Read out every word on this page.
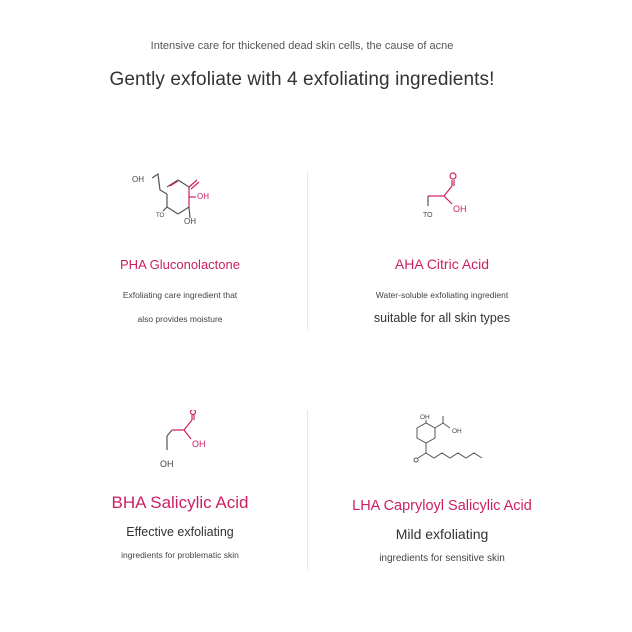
Intensive care for thickened dead skin cells, the cause of acne
Gently exfoliate with 4 exfoliating ingredients!
OH
OH
OH
TO
PHA Gluconolactone
Exfoliating care ingredient that
also provides moisture
OH
TO
AHA Citric Acid
Water-soluble exfoliating ingredient
suitable for all skin types
OH
OH
BHA Salicylic Acid
Effective exfoliating
ingredients for problematic skin
OH
OH
LHA Capryloyl Salicylic Acid
Mild exfoliating
ingredients for sensitive skin
